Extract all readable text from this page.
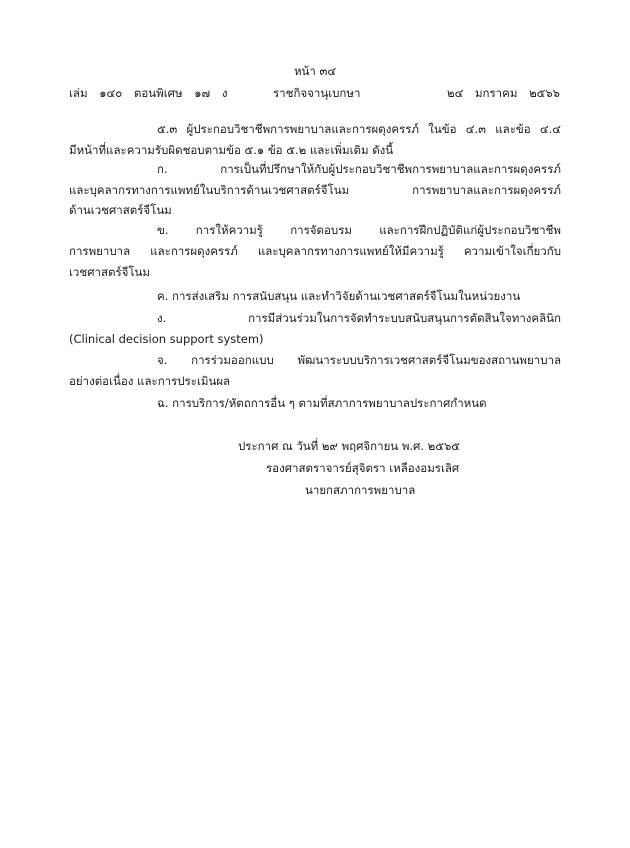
หน้า ๓๔
เล่ม ๑๔๐ ตอนพิเศษ ๑๗ ง	ราชกิจจานุเบกษา	๒๔ มกราคม ๒๕๖๖
๕.๓ ผู้ประกอบวิชาชีพการพยาบาลและการผดุงครรภ์ ในข้อ ๔.๓ และข้อ ๔.๔
มีหน้าที่และความรับผิดชอบตามข้อ ๕.๑ ข้อ ๕.๒ และเพิ่มเติม ดังนี้
ก. การเป็นที่ปรึกษาให้กับผู้ประกอบวิชาชีพการพยาบาลและการผดุงครรภ์
และบุคลากรทางการแพทย์ในบริการด้านเวชศาสตร์จีโนม การพยาบาลและการผดุงครรภ์
ด้านเวชศาสตร์จีโนม
ข. การให้ความรู้ การจัดอบรม และการฝึกปฏิบัติแก่ผู้ประกอบวิชาชีพ
การพยาบาล และการผดุงครรภ์ และบุคลากรทางการแพทย์ให้มีความรู้ ความเข้าใจเกี่ยวกับ
เวชศาสตร์จีโนม
ค. การส่งเสริม การสนับสนุน และทำวิจัยด้านเวชศาสตร์จีโนมในหน่วยงาน
ง. การมีส่วนร่วมในการจัดทำระบบสนับสนุนการตัดสินใจทางคลินิก
(Clinical decision support system)
จ. การร่วมออกแบบ พัฒนาระบบบริการเวชศาสตร์จีโนมของสถานพยาบาล
อย่างต่อเนื่อง และการประเมินผล
ฉ. การบริการ/หัตถการอื่น ๆ ตามที่สภาการพยาบาลประกาศกำหนด
ประกาศ ณ วันที่ ๒๙ พฤศจิกายน พ.ศ. ๒๕๖๕
รองศาสตราจารย์สุจิตรา เหลืองอมรเลิศ
นายกสภาการพยาบาล
